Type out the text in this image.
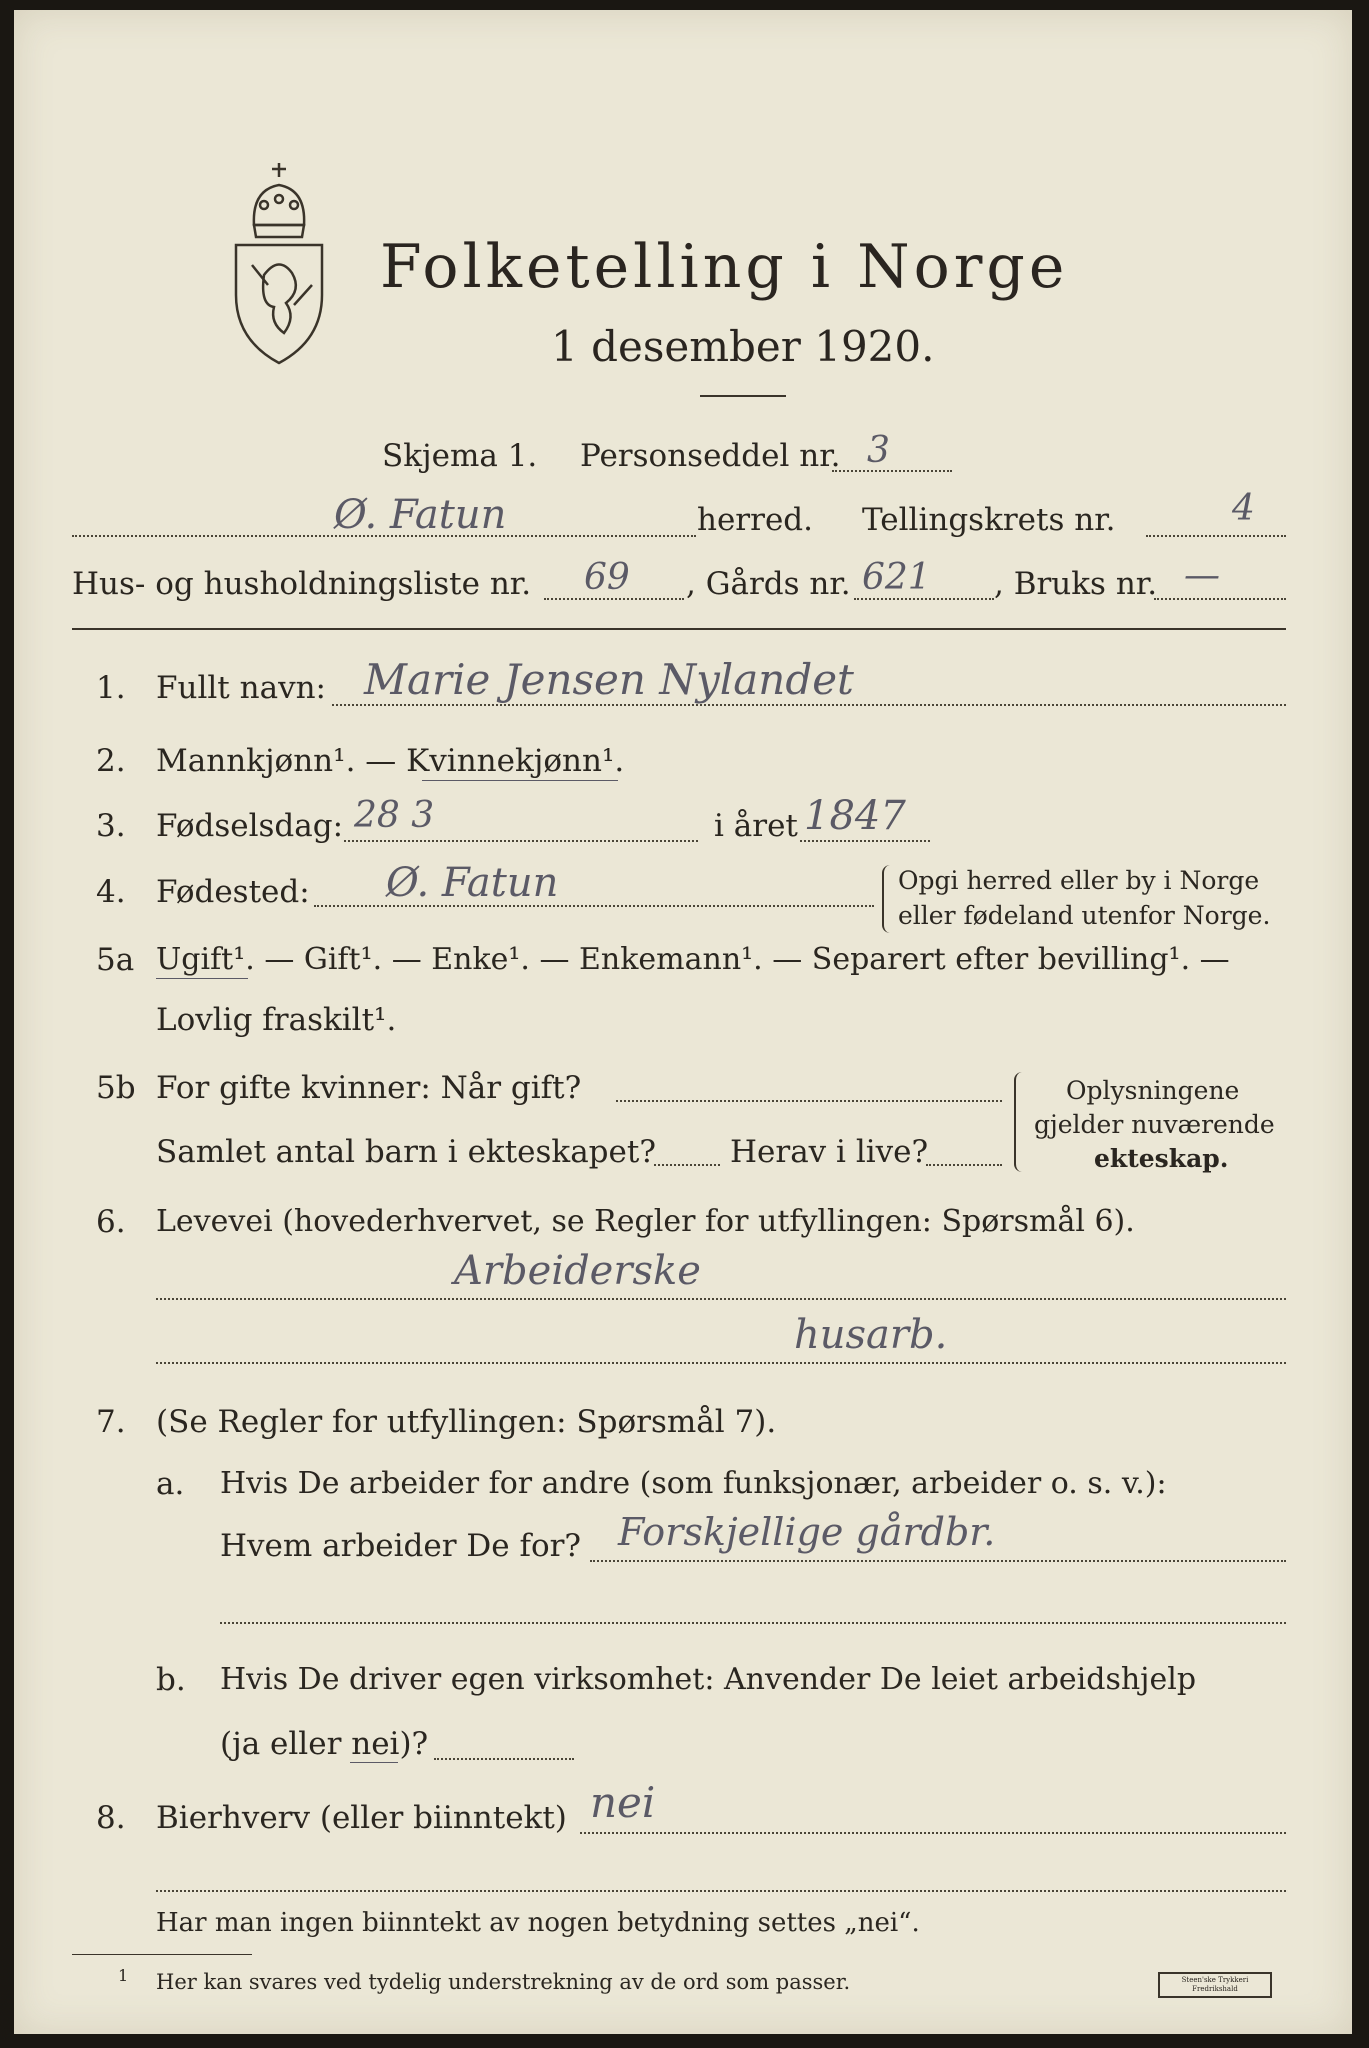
Folketelling i Norge
1 desember 1920.
Skjema 1. Personseddel nr. 3
Ø. Fatun	herred. Tellingskrets nr.	4
Hus- og husholdningsliste nr. 69 , Gårds nr. 621 , Bruks nr. —
1. Fullt navn: Marie Jensen Nylandet
2. Mannkjønn¹. — Kvinnekjønn¹.
3. Fødselsdag: 28 3	i året 1847
4. Fødested: Ø. Fatun	Opgi herred eller by i Norge
eller fødeland utenfor Norge.
5a Ugift¹. — Gift¹. — Enke¹. — Enkemann¹. — Separert efter bevilling¹. —
Lovlig fraskilt¹.
5b For gifte kvinner: Når gift?
Samlet antal barn i ekteskapet? Herav i live?
Oplysningene
gjelder nuværende
ekteskap.
6. Levevei (hovederhvervet, se Regler for utfyllingen: Spørsmål 6).
Arbeiderske
husarb.
7. (Se Regler for utfyllingen: Spørsmål 7).
a. Hvis De arbeider for andre (som funksjonær, arbeider o. s. v.):
Hvem arbeider De for? Forskjellige gårdbr.
b. Hvis De driver egen virksomhet: Anvender De leiet arbeidshjelp
(ja eller nei)?
8. Bierhverv (eller biinntekt) nei
Har man ingen biinntekt av nogen betydning settes „nei“.
1 Her kan svares ved tydelig understrekning av de ord som passer.	Steen'ske Trykkeri Fredrikshald
